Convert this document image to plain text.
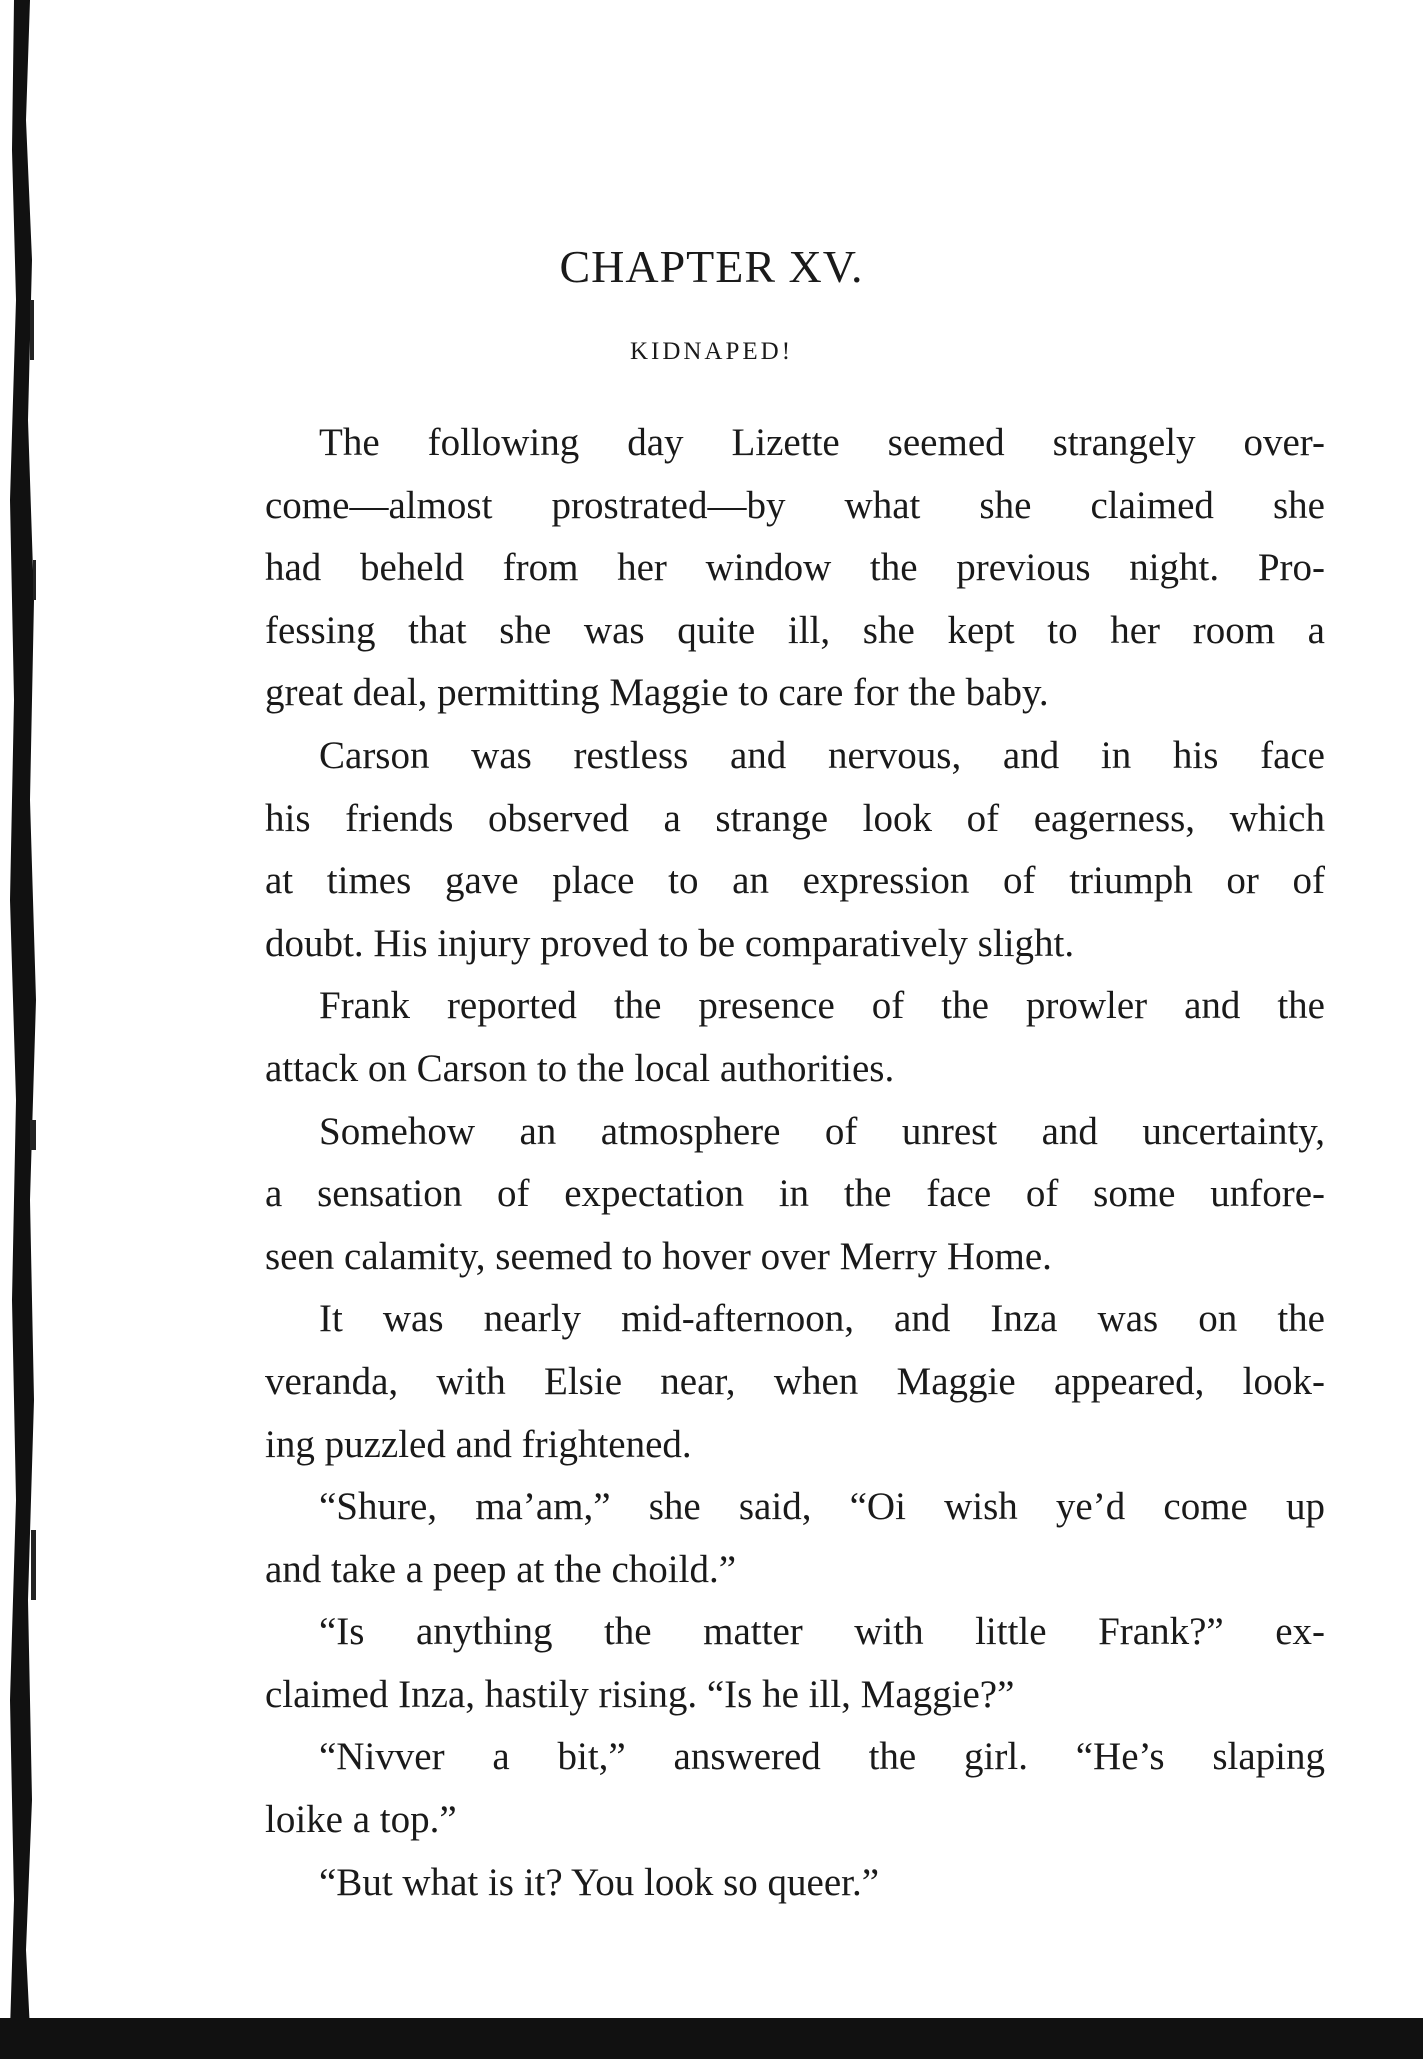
CHAPTER XV.
KIDNAPED!
The following day Lizette seemed strangely over-
come—almost prostrated—by what she claimed she
had beheld from her window the previous night. Pro-
fessing that she was quite ill, she kept to her room a
great deal, permitting Maggie to care for the baby.
Carson was restless and nervous, and in his face
his friends observed a strange look of eagerness, which
at times gave place to an expression of triumph or of
doubt. His injury proved to be comparatively slight.
Frank reported the presence of the prowler and the
attack on Carson to the local authorities.
Somehow an atmosphere of unrest and uncertainty,
a sensation of expectation in the face of some unfore-
seen calamity, seemed to hover over Merry Home.
It was nearly mid-afternoon, and Inza was on the
veranda, with Elsie near, when Maggie appeared, look-
ing puzzled and frightened.
“Shure, ma’am,” she said, “Oi wish ye’d come up
and take a peep at the choild.”
“Is anything the matter with little Frank?” ex-
claimed Inza, hastily rising. “Is he ill, Maggie?”
“Nivver a bit,” answered the girl. “He’s slaping
loike a top.”
“But what is it? You look so queer.”
